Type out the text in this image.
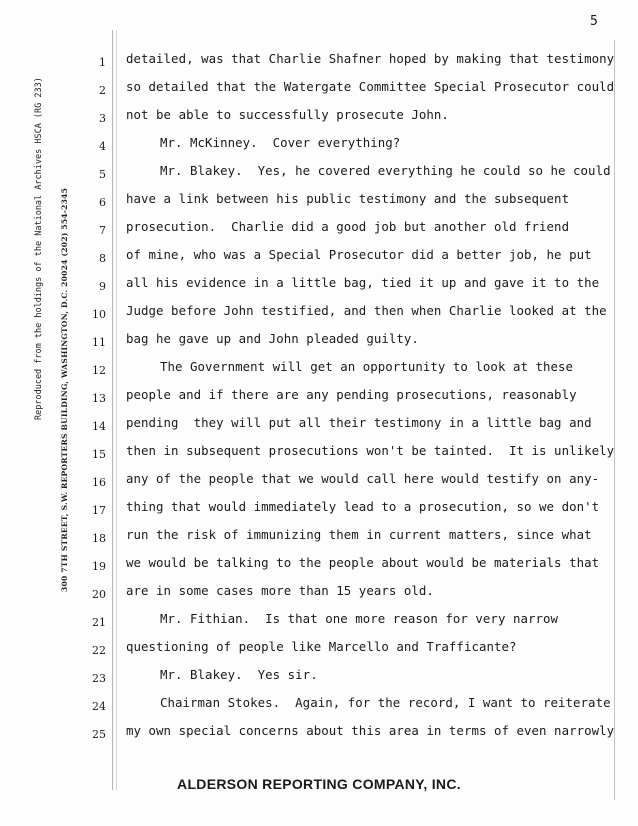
5
Reproduced from the holdings of the National Archives HSCA (RG 233) 300 7TH STREET, S.W. REPORTERS BUILDING, WASHINGTON, D.C. 20024 (202) 554-2345
1 detailed, was that Charlie Shafner hoped by making that testimony
2 so detailed that the Watergate Committee Special Prosecutor could
3 not be able to successfully prosecute John.
4	Mr. McKinney.  Cover everything?
5	Mr. Blakey.  Yes, he covered everything he could so he could
6 have a link between his public testimony and the subsequent
7 prosecution.  Charlie did a good job but another old friend
8 of mine, who was a Special Prosecutor did a better job, he put
9 all his evidence in a little bag, tied it up and gave it to the
10 Judge before John testified, and then when Charlie looked at the
11 bag he gave up and John pleaded guilty.
12	The Government will get an opportunity to look at these
13 people and if there are any pending prosecutions, reasonably
14 pending  they will put all their testimony in a little bag and
15 then in subsequent prosecutions won't be tainted.  It is unlikely
16 any of the people that we would call here would testify on any-
17 thing that would immediately lead to a prosecution, so we don't
18 run the risk of immunizing them in current matters, since what
19 we would be talking to the people about would be materials that
20 are in some cases more than 15 years old.
21	Mr. Fithian.  Is that one more reason for very narrow
22 questioning of people like Marcello and Trafficante?
23	Mr. Blakey.  Yes sir.
24	Chairman Stokes.  Again, for the record, I want to reiterate
25 my own special concerns about this area in terms of even narrowly
ALDERSON REPORTING COMPANY, INC.
